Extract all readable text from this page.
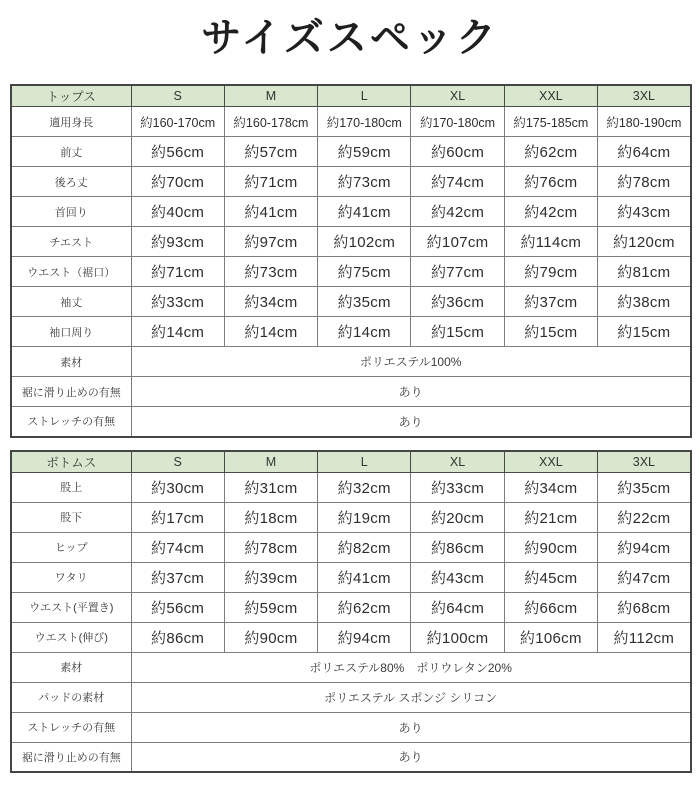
サイズスペック
トップス	S	M	L	XL	XXL	3XL
適用身長	約160-170cm	約160-178cm	約170-180cm	約170-180cm	約175-185cm	約180-190cm
前丈	約56cm	約57cm	約59cm	約60cm	約62cm	約64cm
後ろ丈	約70cm	約71cm	約73cm	約74cm	約76cm	約78cm
首回り	約40cm	約41cm	約41cm	約42cm	約42cm	約43cm
チエスト	約93cm	約97cm	約102cm	約107cm	約114cm	約120cm
ウエスト（裾口）	約71cm	約73cm	約75cm	約77cm	約79cm	約81cm
袖丈	約33cm	約34cm	約35cm	約36cm	約37cm	約38cm
袖口周り	約14cm	約14cm	約14cm	約15cm	約15cm	約15cm
素材	ポリエステル100%					
裾に滑り止めの有無	あり					
ストレッチの有無	あり					
ボトムス	S	M	L	XL	XXL	3XL
股上	約30cm	約31cm	約32cm	約33cm	約34cm	約35cm
股下	約17cm	約18cm	約19cm	約20cm	約21cm	約22cm
ヒップ	約74cm	約78cm	約82cm	約86cm	約90cm	約94cm
ワタリ	約37cm	約39cm	約41cm	約43cm	約45cm	約47cm
ウエスト(平置き)	約56cm	約59cm	約62cm	約64cm	約66cm	約68cm
ウエスト(伸び)	約86cm	約90cm	約94cm	約100cm	約106cm	約112cm
素材	ポリエステル80%　ポリウレタン20%					
パッドの素材	ポリエステル スポンジ シリコン					
ストレッチの有無	あり					
裾に滑り止めの有無	あり					
